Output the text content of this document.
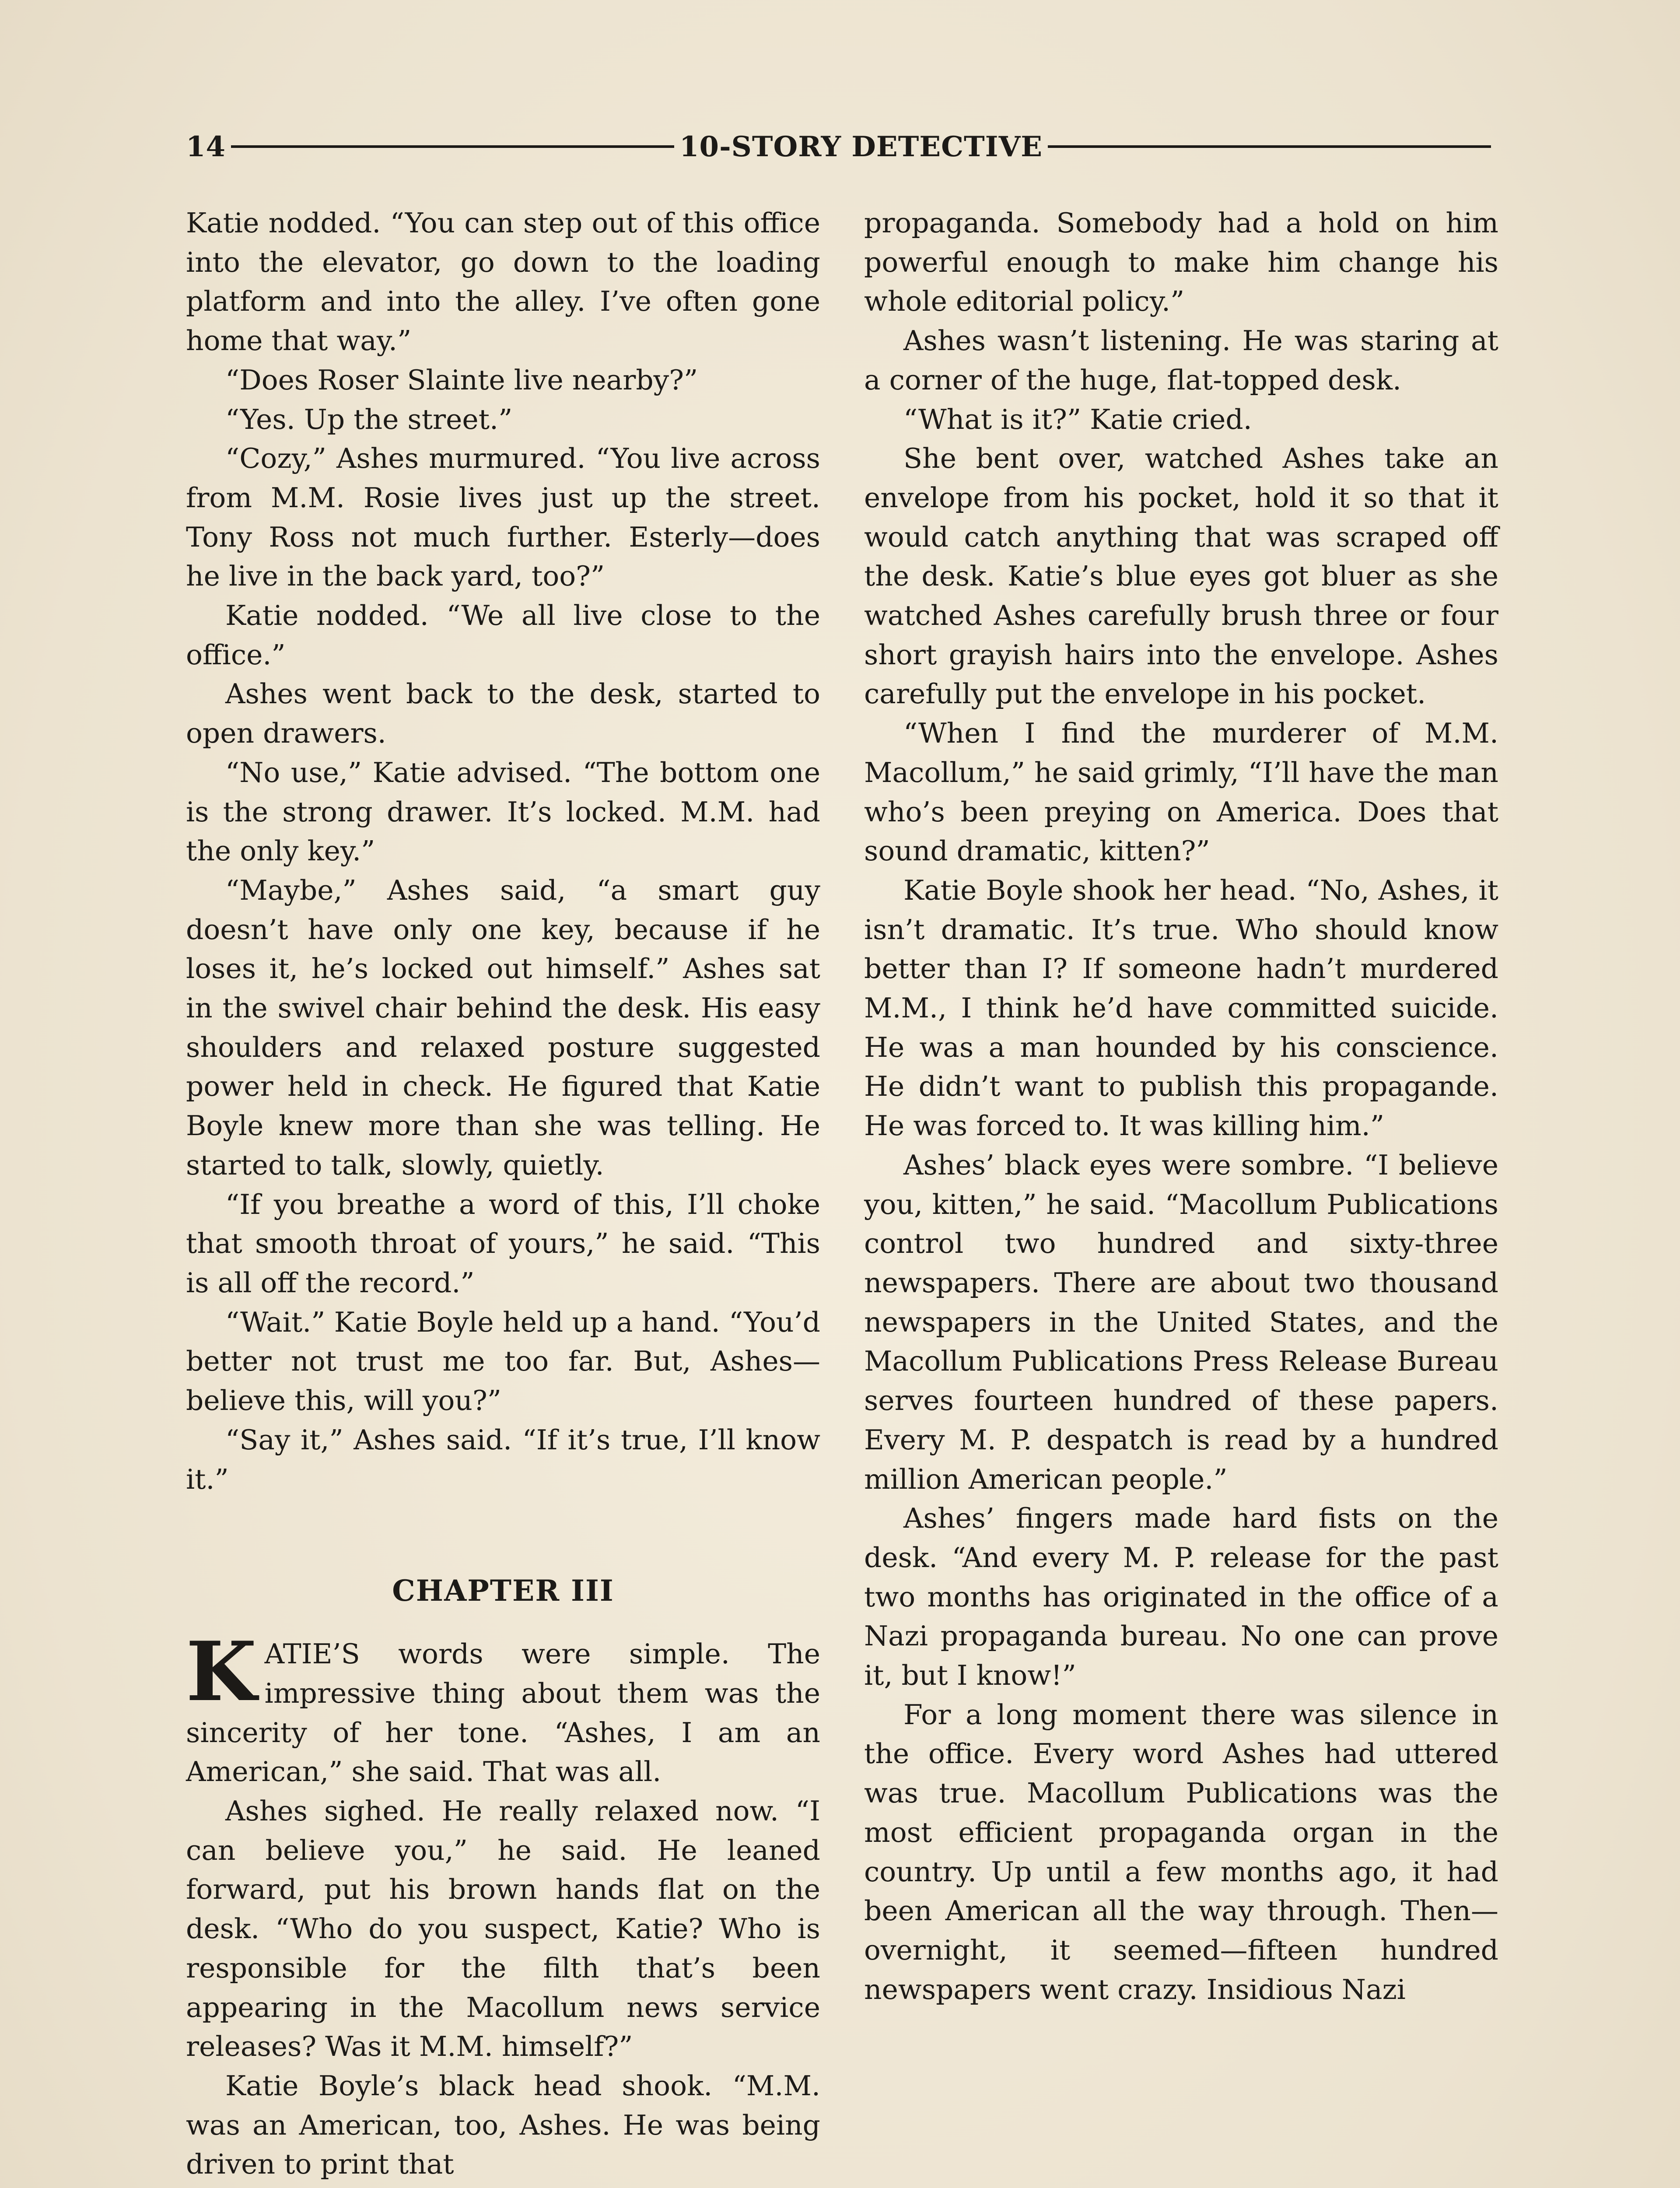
14	10-STORY DETECTIVE

Katie nodded. “You can step out of this office into the elevator, go down to the loading platform and into the alley. I’ve often gone home that way.”

“Does Roser Slainte live nearby?”

“Yes. Up the street.”

“Cozy,” Ashes murmured. “You live across from M.M. Rosie lives just up the street. Tony Ross not much further. Esterly—does he live in the back yard, too?”

Katie nodded. “We all live close to the office.”

Ashes went back to the desk, started to open drawers.

“No use,” Katie advised. “The bottom one is the strong drawer. It’s locked. M.M. had the only key.”

“Maybe,” Ashes said, “a smart guy doesn’t have only one key, because if he loses it, he’s locked out himself.” Ashes sat in the swivel chair behind the desk. His easy shoulders and relaxed posture suggested power held in check. He figured that Katie Boyle knew more than she was telling. He started to talk, slowly, quietly.

“If you breathe a word of this, I’ll choke that smooth throat of yours,” he said. “This is all off the record.”

“Wait.” Katie Boyle held up a hand. “You’d better not trust me too far. But, Ashes—believe this, will you?”

“Say it,” Ashes said. “If it’s true, I’ll know it.”

CHAPTER III

KATIE’S words were simple. The impressive thing about them was the sincerity of her tone. “Ashes, I am an American,” she said. That was all.

Ashes sighed. He really relaxed now. “I can believe you,” he said. He leaned forward, put his brown hands flat on the desk. “Who do you suspect, Katie? Who is responsible for the filth that’s been appearing in the Macollum news service releases? Was it M.M. himself?”

Katie Boyle’s black head shook. “M.M. was an American, too, Ashes. He was being driven to print that

propaganda. Somebody had a hold on him powerful enough to make him change his whole editorial policy.”

Ashes wasn’t listening. He was staring at a corner of the huge, flat-topped desk.

“What is it?” Katie cried.

She bent over, watched Ashes take an envelope from his pocket, hold it so that it would catch anything that was scraped off the desk. Katie’s blue eyes got bluer as she watched Ashes carefully brush three or four short grayish hairs into the envelope. Ashes carefully put the envelope in his pocket.

“When I find the murderer of M.M. Macollum,” he said grimly, “I’ll have the man who’s been preying on America. Does that sound dramatic, kitten?”

Katie Boyle shook her head. “No, Ashes, it isn’t dramatic. It’s true. Who should know better than I? If someone hadn’t murdered M.M., I think he’d have committed suicide. He was a man hounded by his conscience. He didn’t want to publish this propagande. He was forced to. It was killing him.”

Ashes’ black eyes were sombre. “I believe you, kitten,” he said. “Macollum Publications control two hundred and sixty-three newspapers. There are about two thousand newspapers in the United States, and the Macollum Publications Press Release Bureau serves fourteen hundred of these papers. Every M. P. despatch is read by a hundred million American people.”

Ashes’ fingers made hard fists on the desk. “And every M. P. release for the past two months has originated in the office of a Nazi propaganda bureau. No one can prove it, but I know!”

For a long moment there was silence in the office. Every word Ashes had uttered was true. Macollum Publications was the most efficient propaganda organ in the country. Up until a few months ago, it had been American all the way through. Then—overnight, it seemed—fifteen hundred newspapers went crazy. Insidious Nazi
